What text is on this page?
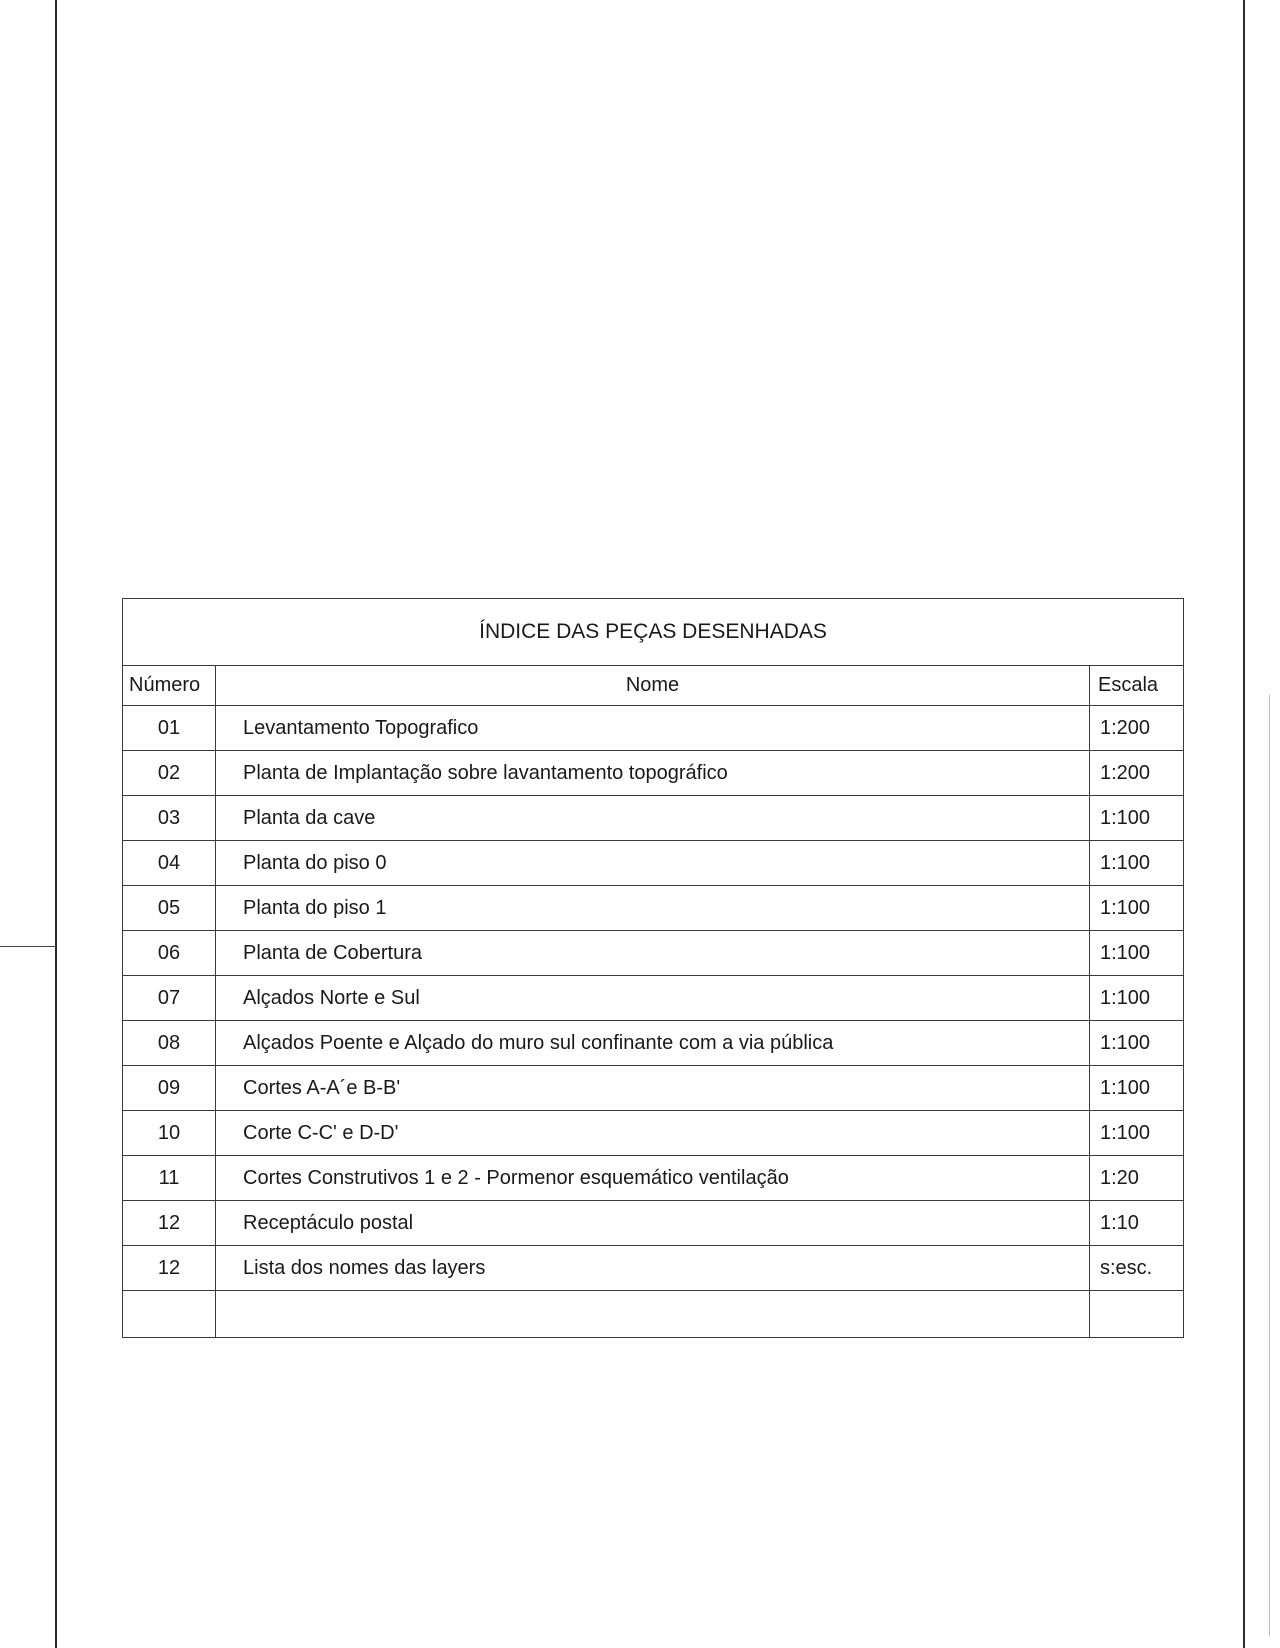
ÍNDICE DAS PEÇAS DESENHADAS		
Número	Nome	Escala
01	Levantamento Topografico	1:200
02	Planta de Implantação sobre lavantamento topográfico	1:200
03	Planta da cave	1:100
04	Planta do piso 0	1:100
05	Planta do piso 1	1:100
06	Planta de Cobertura	1:100
07	Alçados Norte e Sul	1:100
08	Alçados Poente e Alçado do muro sul confinante com a via pública	1:100
09	Cortes A-A´e B-B'	1:100
10	Corte C-C' e D-D'	1:100
11	Cortes Construtivos 1 e 2 - Pormenor esquemático ventilação	1:20
12	Receptáculo postal	1:10
12	Lista dos nomes das layers	s:esc.
